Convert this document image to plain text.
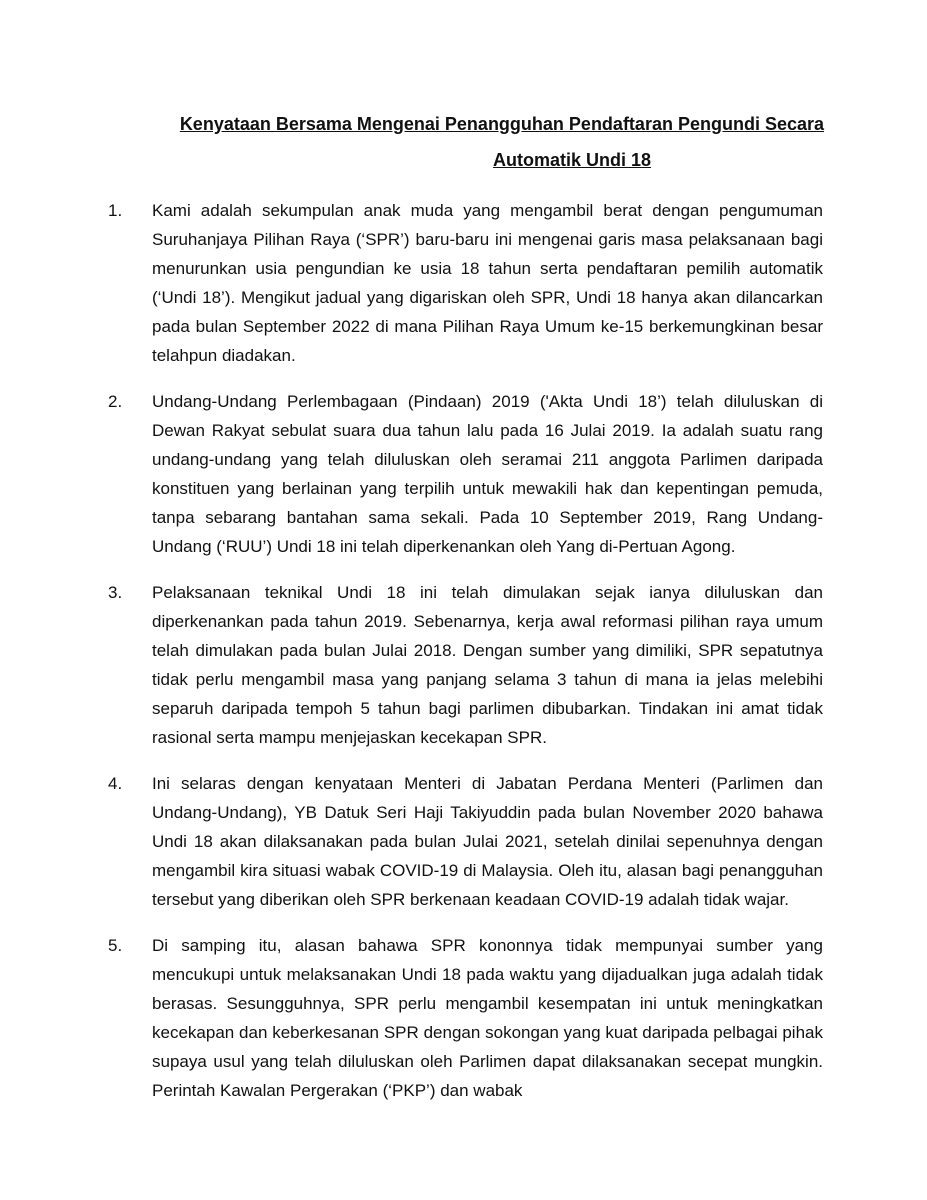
Kenyataan Bersama Mengenai Penangguhan Pendaftaran Pengundi Secara
Automatik Undi 18
1. Kami adalah sekumpulan anak muda yang mengambil berat dengan pengumuman Suruhanjaya Pilihan Raya (‘SPR’) baru-baru ini mengenai garis masa pelaksanaan bagi menurunkan usia pengundian ke usia 18 tahun serta pendaftaran pemilih automatik (‘Undi 18’). Mengikut jadual yang digariskan oleh SPR, Undi 18 hanya akan dilancarkan pada bulan September 2022 di mana Pilihan Raya Umum ke-15 berkemungkinan besar telahpun diadakan.
2. Undang-Undang Perlembagaan (Pindaan) 2019 ('Akta Undi 18’) telah diluluskan di Dewan Rakyat sebulat suara dua tahun lalu pada 16 Julai 2019. Ia adalah suatu rang undang-undang yang telah diluluskan oleh seramai 211 anggota Parlimen daripada konstituen yang berlainan yang terpilih untuk mewakili hak dan kepentingan pemuda, tanpa sebarang bantahan sama sekali. Pada 10 September 2019, Rang Undang-Undang (‘RUU’) Undi 18 ini telah diperkenankan oleh Yang di-Pertuan Agong.
3. Pelaksanaan teknikal Undi 18 ini telah dimulakan sejak ianya diluluskan dan diperkenankan pada tahun 2019. Sebenarnya, kerja awal reformasi pilihan raya umum telah dimulakan pada bulan Julai 2018. Dengan sumber yang dimiliki, SPR sepatutnya tidak perlu mengambil masa yang panjang selama 3 tahun di mana ia jelas melebihi separuh daripada tempoh 5 tahun bagi parlimen dibubarkan. Tindakan ini amat tidak rasional serta mampu menjejaskan kecekapan SPR.
4. Ini selaras dengan kenyataan Menteri di Jabatan Perdana Menteri (Parlimen dan Undang-Undang), YB Datuk Seri Haji Takiyuddin pada bulan November 2020 bahawa Undi 18 akan dilaksanakan pada bulan Julai 2021, setelah dinilai sepenuhnya dengan mengambil kira situasi wabak COVID-19 di Malaysia. Oleh itu, alasan bagi penangguhan tersebut yang diberikan oleh SPR berkenaan keadaan COVID-19 adalah tidak wajar.
5. Di samping itu, alasan bahawa SPR kononnya tidak mempunyai sumber yang mencukupi untuk melaksanakan Undi 18 pada waktu yang dijadualkan juga adalah tidak berasas. Sesungguhnya, SPR perlu mengambil kesempatan ini untuk meningkatkan kecekapan dan keberkesanan SPR dengan sokongan yang kuat daripada pelbagai pihak supaya usul yang telah diluluskan oleh Parlimen dapat dilaksanakan secepat mungkin. Perintah Kawalan Pergerakan (‘PKP’) dan wabak
